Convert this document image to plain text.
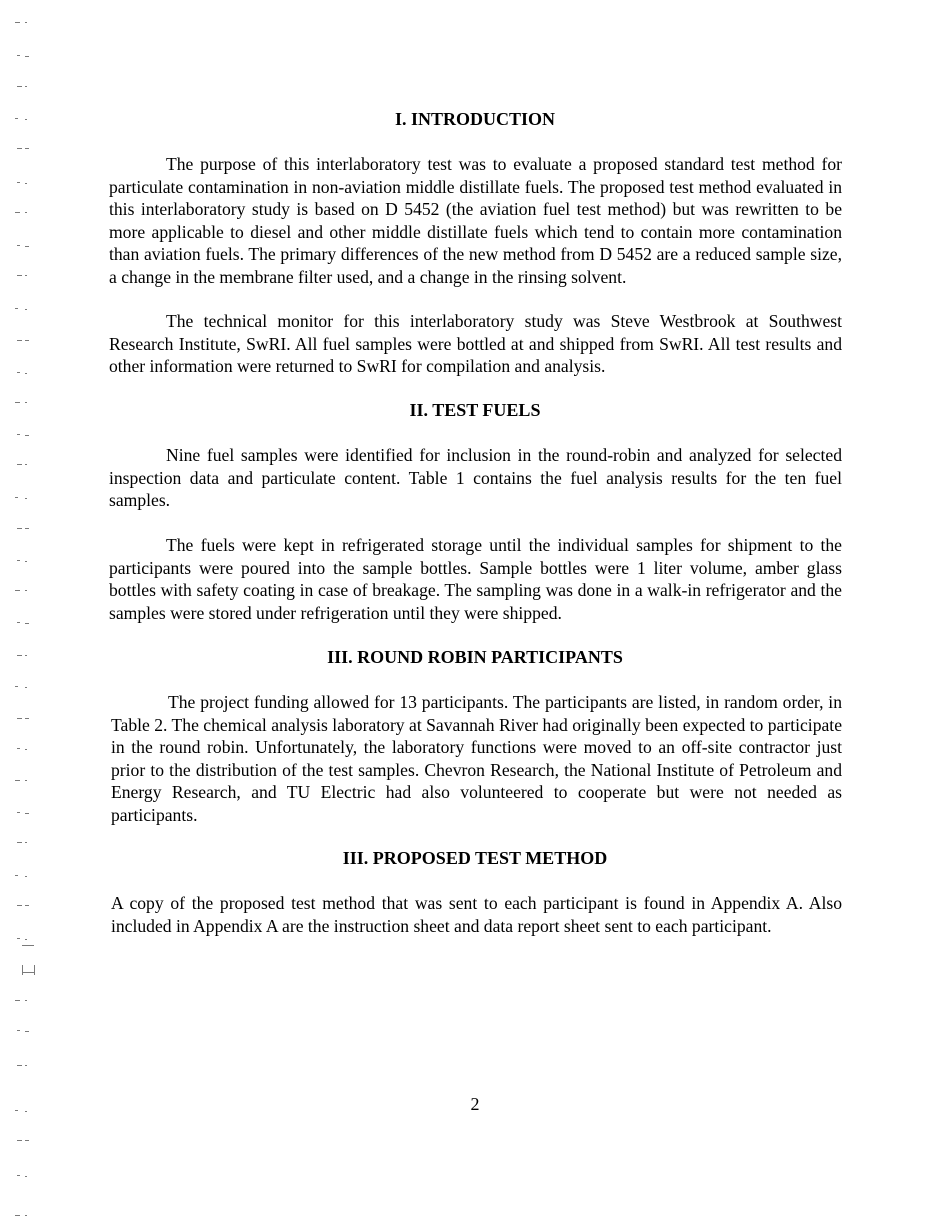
I. INTRODUCTION

The purpose of this interlaboratory test was to evaluate a proposed standard test method for particulate contamination in non-aviation middle distillate fuels. The proposed test method evaluated in this interlaboratory study is based on D 5452 (the aviation fuel test method) but was rewritten to be more applicable to diesel and other middle distillate fuels which tend to contain more contamination than aviation fuels. The primary differences of the new method from D 5452 are a reduced sample size, a change in the membrane filter used, and a change in the rinsing solvent.

The technical monitor for this interlaboratory study was Steve Westbrook at Southwest Research Institute, SwRI. All fuel samples were bottled at and shipped from SwRI. All test results and other information were returned to SwRI for compilation and analysis.

II. TEST FUELS

Nine fuel samples were identified for inclusion in the round-robin and analyzed for selected inspection data and particulate content. Table 1 contains the fuel analysis results for the ten fuel samples.

The fuels were kept in refrigerated storage until the individual samples for shipment to the participants were poured into the sample bottles. Sample bottles were 1 liter volume, amber glass bottles with safety coating in case of breakage. The sampling was done in a walk-in refrigerator and the samples were stored under refrigeration until they were shipped.

III. ROUND ROBIN PARTICIPANTS

The project funding allowed for 13 participants. The participants are listed, in random order, in Table 2. The chemical analysis laboratory at Savannah River had originally been expected to participate in the round robin. Unfortunately, the laboratory functions were moved to an off-site contractor just prior to the distribution of the test samples. Chevron Research, the National Institute of Petroleum and Energy Research, and TU Electric had also volunteered to cooperate but were not needed as participants.

III. PROPOSED TEST METHOD

A copy of the proposed test method that was sent to each participant is found in Appendix A. Also included in Appendix A are the instruction sheet and data report sheet sent to each participant.

2
